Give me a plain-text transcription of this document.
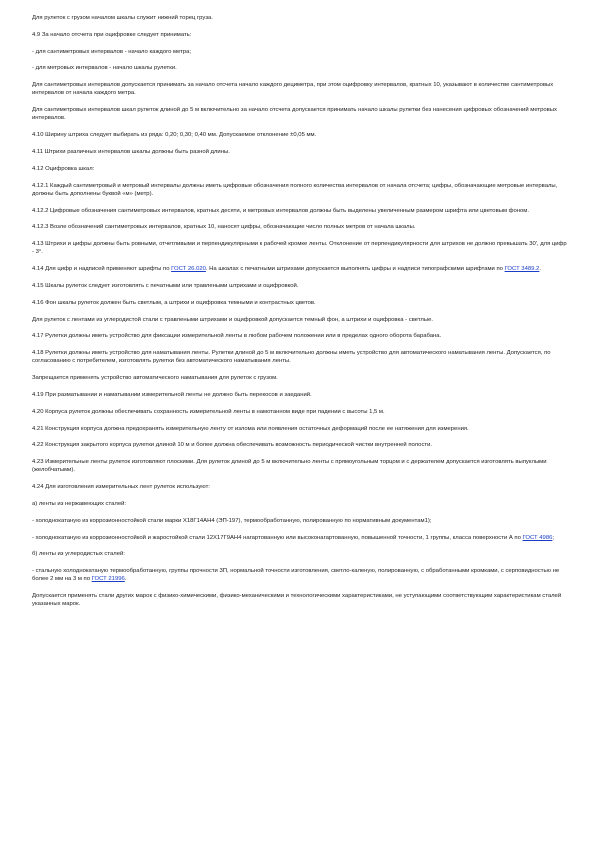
Для рулеток с грузом началом шкалы служит нижний торец груза.

4.9 За начало отсчета при оцифровке следует принимать:

- для сантиметровых интервалов - начало каждого метра;

- для метровых интервалов - начало шкалы рулетки.

Для сантиметровых интервалов допускается принимать за начало отсчета начало каждого дециметра, при этом оцифровку интервалов, кратных 10, указывают в количестве сантиметровых интервалов от начала каждого метра.

Для сантиметровых интервалов шкал рулеток длиной до 5 м включительно за начало отсчета допускается принимать начало шкалы рулетки без нанесения цифровых обозначений метровых интервалов.

4.10 Ширину штриха следует выбирать из ряда: 0,20; 0,30; 0,40 мм. Допускаемое отклонение ±0,05 мм.

4.11 Штрихи различных интервалов шкалы должны быть разной длины.

4.12 Оцифровка шкал:

4.12.1 Каждый сантиметровый и метровый интервалы должны иметь цифровые обозначения полного количества интервалов от начала отсчета; цифры, обозначающие метровые интервалы, должны быть дополнены буквой «м» (метр).

4.12.2 Цифровые обозначения сантиметровых интервалов, кратных десяти, и метровых интервалов должны быть выделены увеличенным размером шрифта или цветовым фоном.

4.12.3 Возле обозначений сантиметровых интервалов, кратных 10, наносят цифры, обозначающие число полных метров от начала шкалы.

4.13 Штрихи и цифры должны быть ровными, отчетливыми и перпендикулярными к рабочей кромке ленты. Отклонение от перпендикулярности для штрихов не должно превышать 30', для цифр - 3°.

4.14 Для цифр и надписей применяют шрифты по ГОСТ 26.020. На шкалах с печатными штрихами допускается выполнять цифры и надписи типографскими шрифтами по ГОСТ 3489.2.

4.15 Шкалы рулеток следует изготовлять с печатными или травлеными штрихами и оцифровкой.

4.16 Фон шкалы рулеток должен быть светлым, а штрихи и оцифровка темными и контрастных цветов.

Для рулеток с лентами из углеродистой стали с травлеными штрихами и оцифровкой допускается темный фон, а штрихи и оцифровка - светлые.

4.17 Рулетки должны иметь устройство для фиксации измерительной ленты в любом рабочем положении или в пределах одного оборота барабана.

4.18 Рулетки должны иметь устройство для наматывания ленты. Рулетки длиной до 5 м включительно должны иметь устройство для автоматического наматывания ленты. Допускается, по согласованию с потребителем, изготовлять рулетки без автоматического наматывания ленты.

Запрещается применять устройство автоматического наматывания для рулеток с грузом.

4.19 При разматывании и наматывании измерительной ленты не должно быть перекосов и заеданий.

4.20 Корпуса рулеток должны обеспечивать сохранность измерительной ленты в намотанном виде при падении с высоты 1,5 м.

4.21 Конструкция корпуса должна предохранять измерительную ленту от излома или появления остаточных деформаций после ее натяжения для измерения.

4.22 Конструкция закрытого корпуса рулетки длиной 10 м и более должна обеспечивать возможность периодической чистки внутренней полости.

4.23 Измерительные ленты рулеток изготовляют плоскими. Для рулеток длиной до 5 м включительно ленты с прямоугольным торцом и с держателем допускается изготовлять выпуклыми (желобчатыми).

4.24 Для изготовления измерительных лент рулеток используют:

а) ленты из нержавеющих сталей:

- холоднокатаную из коррозионностойкой стали марки Х18Г14АН4 (ЭП-197), термообработанную, полированную по нормативным документам1);

- холоднокатаную из коррозионностойкой и жаростойкой стали 12Х17Г9АН4 нагартованную или высоконагартованную, повышенной точности, 1 группы, класса поверхности А по ГОСТ 4986;

б) ленты из углеродистых сталей:

- стальную холоднокатаную термообработанную, группы прочности 3П, нормальной точности изготовления, светло-каленую, полированную, с обработанными кромками, с серповидностью не более 2 мм на 3 м по ГОСТ 21996.

Допускается применять стали других марок с физико-химическими, физико-механическими и технологическими характеристиками, не уступающими соответствующим характеристикам сталей указанных марок.
